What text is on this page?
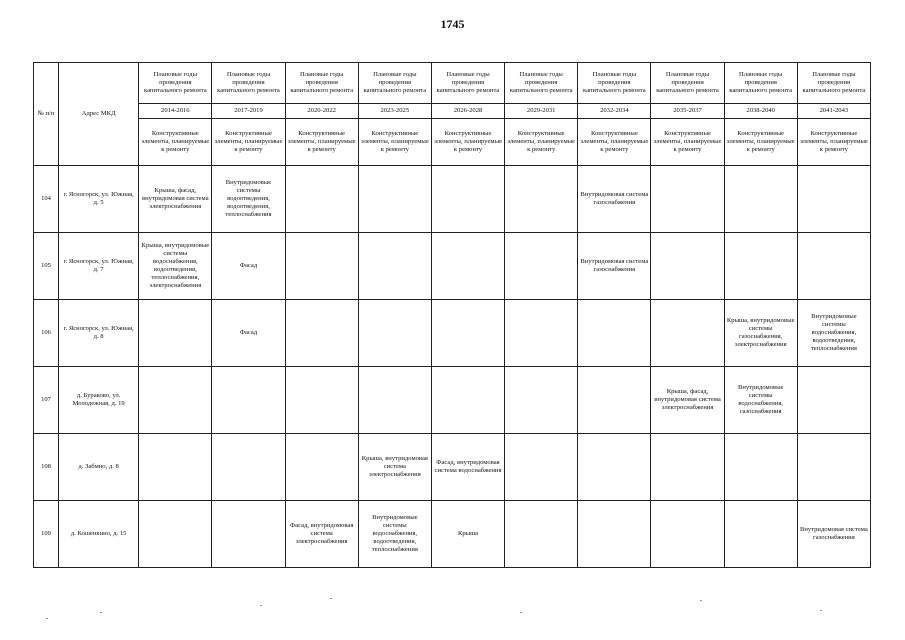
1745
№ п/п	Адрес МКД	Плановые годы проведения капитального ремонта	Плановые годы проведения капитального ремонта	Плановые годы проведения капитального ремонта	Плановые годы проведения капитального ремонта	Плановые годы проведения капитального ремонта	Плановые годы проведения капитального ремонта	Плановые годы проведения капитального ремонта	Плановые годы проведения капитального ремонта	Плановые годы проведения капитального ремонта	Плановые годы проведения капитального ремонта
		2014-2016	2017-2019	2020-2022	2023-2025	2026-2028	2029-2031	2032-2034	2035-2037	2038-2040	2041-2043
		Конструктивные элементы, планируемые к ремонту	Конструктивные элементы, планируемые к ремонту	Конструктивные элементы, планируемые к ремонту	Конструктивные элементы, планируемые к ремонту	Конструктивные элементы, планируемые к ремонту	Конструктивные элементы, планируемые к ремонту	Конструктивные элементы, планируемые к ремонту	Конструктивные элементы, планируемые к ремонту	Конструктивные элементы, планируемые к ремонту	Конструктивные элементы, планируемые к ремонту
104	г. Ясногорск, ул. Южная, д. 5	Крыша, фасад, внутридомовая система электроснабжения	Внутридомовые системы водоотведения, водоотведения, теплоснабжения					Внутридомовая система газоснабжения			
105	г. Ясногорск, ул. Южная, д. 7	Крыша, внутридомовые системы водоснабжения, водоотведения, теплоснабжения, электроснабжения	Фасад					Внутридомовая система газоснабжения			
106	г. Ясногорск, ул. Южная, д. 8		Фасад							Крыша, внутридомовые системы газоснабжения, электроснабжения	Внутридомовые системы водоснабжения, водоотведения, теплоснабжения
107	д. Бураково, ул. Молодежная, д. 19								Крыша, фасад, внутридомовая система электроснабжения	Внутридомовые системы водоснабжения, газоснабжения	
108	д. Забмно, д. 8				Крыша, внутридомовая система электроснабжения	Фасад, внутридомовая система водоснабжения					
109	д. Кошенкино, д. 15			Фасад, внутридомовая система электроснабжения	Внутридомовые системы водоснабжения, водоотведения, теплоснабжения	Крыша					Внутридомовая система газоснабжения
